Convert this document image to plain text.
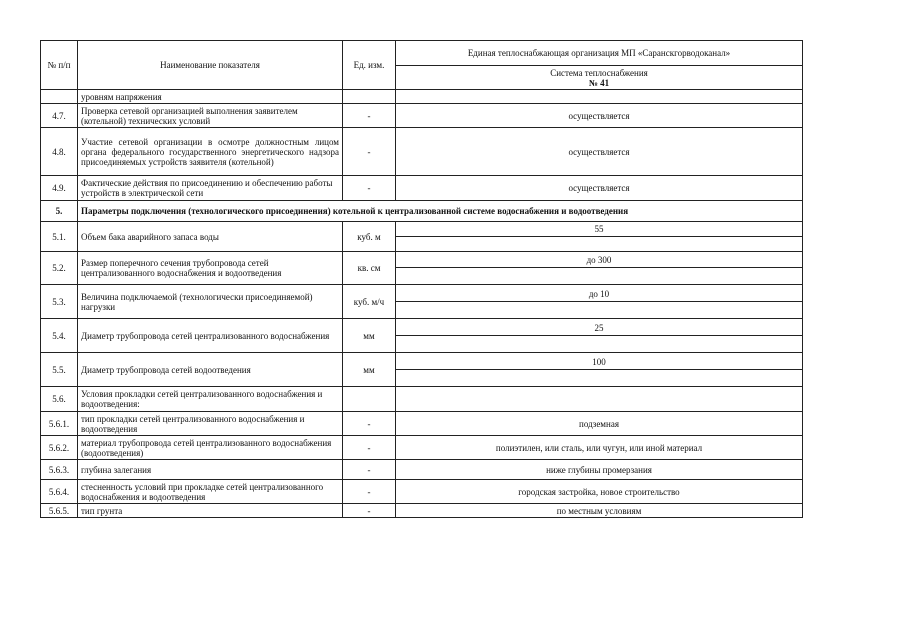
№ п/п	Наименование показателя	Ед. изм.	Единая теплоснабжающая организация МП «Саранскгорводоканал»

			Система теплоснабжения
№ 41

	уровням напряжения		
4.7.	Проверка сетевой организацией выполнения заявителем (котельной) технических условий	-	осуществляется
4.8.	Участие сетевой организации в осмотре должностным лицом органа федерального государственного энергетического надзора присоединяемых устройств заявителя (котельной)	-	осуществляется
4.9.	Фактические действия по присоединению и обеспечению работы устройств в электрической сети	-	осуществляется
5.	Параметры подключения (технологического присоединения) котельной к централизованной системе водоснабжения и водоотведения		
5.1.	Объем бака аварийного запаса воды	куб. м	55

5.2.	Размер поперечного сечения трубопровода сетей централизованного водоснабжения и водоотведения	кв. см	до 300

5.3.	Величина подключаемой (технологически присоединяемой) нагрузки	куб. м/ч	до 10

5.4.	Диаметр трубопровода сетей централизованного водоснабжения	мм	25

5.5.	Диаметр трубопровода сетей водоотведения	мм	100

5.6.	Условия прокладки сетей централизованного водоснабжения и водоотведения:		
5.6.1.	тип прокладки сетей централизованного водоснабжения и водоотведения	-	подземная
5.6.2.	материал трубопровода сетей централизованного водоснабжения (водоотведения)	-	полиэтилен, или сталь, или чугун, или иной материал
5.6.3.	глубина залегания	-	ниже глубины промерзания
5.6.4.	стесненность условий при прокладке сетей централизованного водоснабжения и водоотведения	-	городская застройка, новое строительство
5.6.5.	тип грунта	-	по местным условиям
